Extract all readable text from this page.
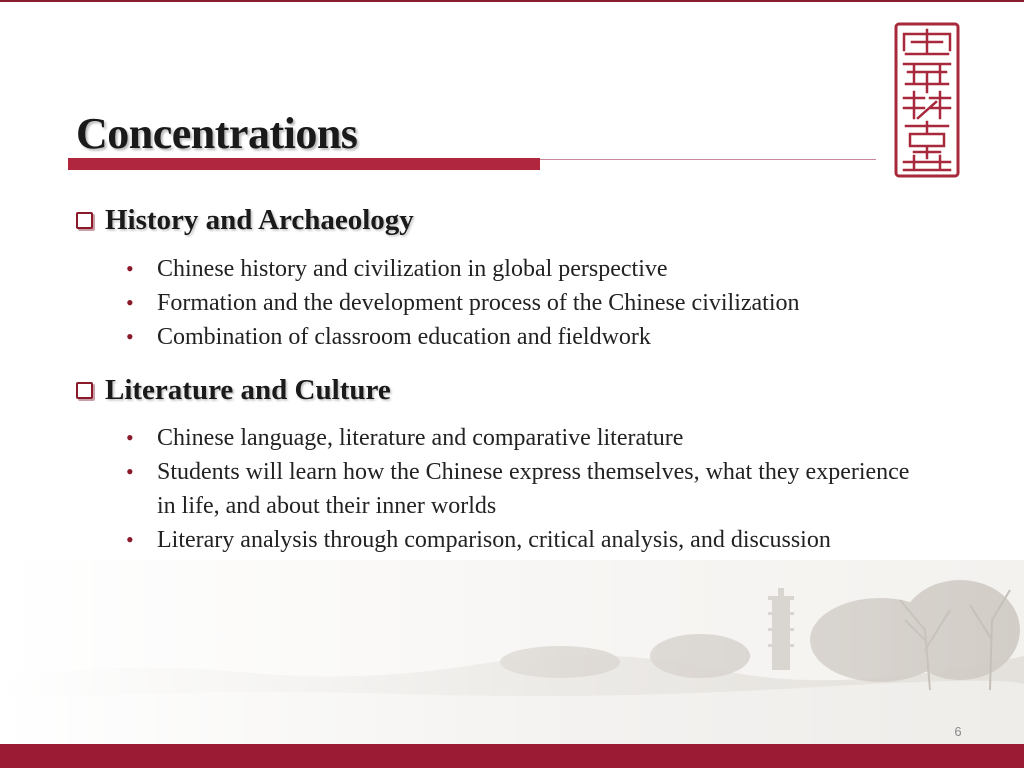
Concentrations
History and Archaeology
• Chinese history and civilization in global perspective
• Formation and the development process of the Chinese civilization
• Combination of classroom education and fieldwork
Literature and Culture
• Chinese language, literature and comparative literature
• Students will learn how the Chinese express themselves, what they experience in life, and about their inner worlds
• Literary analysis through comparison, critical analysis, and discussion
6
